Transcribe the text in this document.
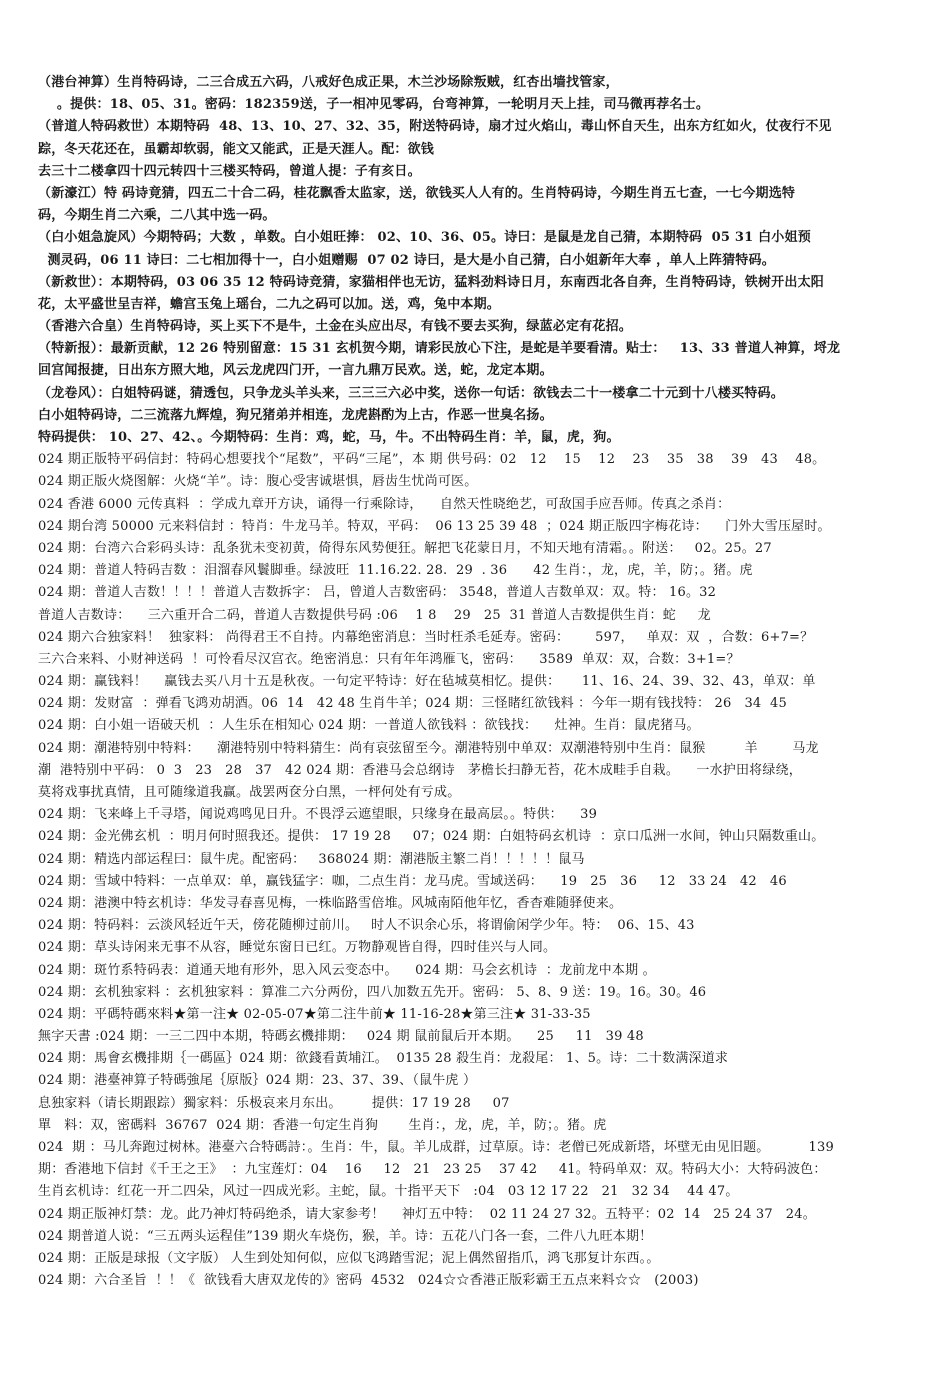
（港台神算）生肖特码诗，二三合成五六码，八戒好色成正果，木兰沙场除叛贼，红杏出墙找管家，
。提供：18、05、31。密码：182359送，子一相冲见零码，台弯神算，一轮明月天上挂，司马微再荐名士。
（普道人特码救世）本期特码  48、13、10、27、32、35，附送特码诗，扇才过火焰山，毒山怀自天生，出东方红如火，仗夜行不见
踪，冬天花还在，虽霸却软弱，能文又能武，正是天涯人。配：欲钱
去三十二楼拿四十四元转四十三楼买特码，曾道人提：子有亥日。
（新濠江）特 码诗竟猜，四五二十合二码，桂花飘香太监家，送，欲钱买人人有的。生肖特码诗，今期生肖五七查，一七今期选特
码，今期生肖二六乘，二八其中选一码。
（白小姐急旋风）今期特码；大数 ，单数。白小姐旺捧： 02、10、36、05。诗曰：是鼠是龙自己猜，本期特码  05 31 白小姐预
测灵码，06 11 诗曰：二七相加得十一，白小姐赠赐  07 02 诗曰，是大是小自己猜，白小姐新年大奉 ，单人上阵猜特码。
（新救世）：本期特码，03 06 35 12 特码诗竞猜，家猫相伴也无访，猛料劲料诗日月，东南西北各自奔，生肖特码诗，铁树开出太阳
花，太平盛世呈吉祥，蟾宫玉兔上瑶台，二九之码可以加。送，鸡，兔中本期。
（香港六合皇）生肖特码诗，买上买下不是牛，土金在头应出尽，有钱不要去买狗，绿蓝必定有花招。
（特新报）：最新贡献，12 26 特别留意：15 31 玄机贺今期，请彩民放心下注，是蛇是羊要看清。贴士：   13、33 普道人神算，埒龙
回宫闻报捷，日出东方照大地，风云龙虎四门开，一言九鼎万民欢。送，蛇，龙定本期。
（龙卷风）：白姐特码谜，猜透包，只争龙头羊头来，三三三六必中奖，送你一句话：欲钱去二十一楼拿二十元到十八楼买特码。
白小姐特码诗，二三流落九辉煌，狗兄猪弟并相连，龙虎斟酌为上古，作恶一世臭名扬。
特码提供： 10、27、42、。今期特码：生肖：鸡，蛇，马，牛。不出特码生肖：羊，鼠，虎，狗。
024 期正版特平码信封：特码心想要找个“尾数”，平码“三尾”，本 期 供号码：02   12    15    12    23    35   38    39   43    48。
024 期正版火烧图解：火烧“羊”。诗：腹心受害诚堪惧，唇齿生忧尚可医。
024 香港 6000 元传真料  ：学成九章开方诀，诵得一行乘除诗，    自然天性晓绝艺，可敌国手应吾师。传真之杀肖：
024 期台湾 50000 元来料信封 ：特肖：牛龙马羊。特双，平码：  06 13 25 39 48  ；024 期正版四字梅花诗：    门外大雪压屋时。
024 期：台湾六合彩码头诗：乱条犹未变初黄，倚得东风势便狂。解把飞花蒙日月，不知天地有清霜。。附送：   02。25。27
024 期：普道人特码吉数 ：泪溜春风鬟脚垂。绿波旺  11.16.22. 28.  29  . 36      42 生肖：，龙，虎，羊，防；。猪。虎
024 期：普道人吉数！！！！普道人吉数拆字： 吕，曾道人吉数密码： 3548，普道人吉数单双：双。特： 16。32
普道人吉数诗：    三六重开合二码，普道人吉数提供号码 :06    1 8    29   25  31 普道人吉数提供生肖：蛇     龙
024 期六合独家料！  独家料： 尚得君王不自持。内幕绝密消息：当时枉杀毛延寿。密码：      597，   单双：双  ，合数：6+7=？
三六合来料、小财神送码  ！可怜看尽汉宫衣。绝密消息：只有年年鸿雁飞，密码：    3589  单双：双，合数：3+1=？
024 期：赢钱料！    赢钱去买八月十五是秋夜。一句定平特诗：好在毡城莫相忆。提供：     11、16、24、39、32、43，单双：单
024 期：发财富  ：弹看飞鸿劝胡酒。06  14   42 48 生肖牛羊；024 期：三怪睹红欲钱料 ：今年一期有钱找特： 26   34  45
024 期：白小姐一语破天机  ：人生乐在相知心 024 期：一普道人欲钱料 ：欲钱找：    灶神。生肖：鼠虎猪马。
024 期：潮港特别中特料：    潮港特别中特料猜生：尚有哀弦留至今。潮港特别中单双：双潮港特别中生肖：鼠猴         羊        马龙
潮  港特别中平码： 0  3   23   28   37   42 024 期：香港马会总纲诗   茅檐长扫静无苔，花木成畦手自栽。    一水护田将绿绕，
莫将戏事扰真情，且可随缘道我赢。战罢两奁分白黑，一枰何处有亏成。
024 期：飞来峰上千寻塔，闻说鸡鸣见日升。不畏浮云遮望眼，只缘身在最高层。。特供：    39
024 期：金光佛玄机  ：明月何时照我还。提供： 17 19 28     07；024 期：白姐特码玄机诗  ：京口瓜洲一水间，钟山只隔数重山。
024 期：精选内部运程曰：鼠牛虎。配密码：   368024 期：潮港版主繁二肖！！！！！鼠马
024 期：雪域中特料：一点单双：单，赢钱猛字：咖，二点生肖：龙马虎。雪域送码：    19   25   36     12   33 24   42   46
024 期：港澳中特玄机诗：华发寻春喜见梅，一株临路雪倍堆。风城南陌他年忆，香杳难随驿使来。
024 期：特码料：云淡风轻近午天，傍花随柳过前川。   时人不识余心乐，将谓偷闲学少年。特：  06、15、43
024 期：草头诗闲来无事不从容，睡觉东窗日已红。万物静观皆自得，四时佳兴与人同。
024 期：斑竹系特码表：道通天地有形外，思入风云变态中。    024 期：马会玄机诗  ：龙前龙中本期 。
024 期：玄机独家料 ：玄机独家料 ：算准二六分两份，四八加数五先开。密码： 5、8、9 送：19。16。30。46
024 期：平碼特碼來料★第一注★ 02-05-07★第二注牛前★ 11-16-28★第三注★ 31-33-35
無字天書 :024 期：一三二四中本期，特碼玄機排期：   024 期 鼠前鼠后开本期。    25     11   39 48
024 期：馬會玄機排期｛一碼區｝024 期：欲錢看黃埔江。  0135 28 殺生肖：龙殺尾： 1、5。诗：二十数满深道求
024 期：港臺神算子特碼強尾｛原版｝024 期：23、37、39、（鼠牛虎 ）
息独家料（请长期跟踪）獨家料：乐极哀来月东出。       提供：17 19 28     07
單   料：双，密碼料  36767  024 期：香港一句定生肖狗       生肖：，龙，虎，羊，防；。猪。虎
024  期 ：马儿奔跑过树林。港臺六合特碼詩：。生肖：牛，鼠。羊儿成群，过草原。诗：老僧已死成新塔，坏壁无由见旧题。         139
期：香港地下信封《千王之王》  ：九宝莲灯：04    16     12   21   23 25    37 42     41。特码单双：双。特码大小：大特码波色：
生肖玄机诗：红花一开二四朵，风过一四成光彩。主蛇，鼠。十指平天下   :04   03 12 17 22   21   32 34    44 47。
024 期正版神灯禁：龙。此乃神灯特码绝杀，请大家参考！    神灯五中特：  02 11 24 27 32。五特平：02  14   25 24 37   24。
024 期普道人说：“三五两头运程佳”139 期火车烧伤，猴，羊。诗：五花八门各一套，二件八九旺本期！
024 期：正版是球报（文字版） 人生到处知何似，应似飞鸿踏雪泥；泥上偶然留指爪，鸿飞那复计东西。。
024 期：六合圣旨  ！！《  欲钱看大唐双龙传的》密码  4532   024☆☆香港正版彩霸王五点来料☆☆   (2003)
